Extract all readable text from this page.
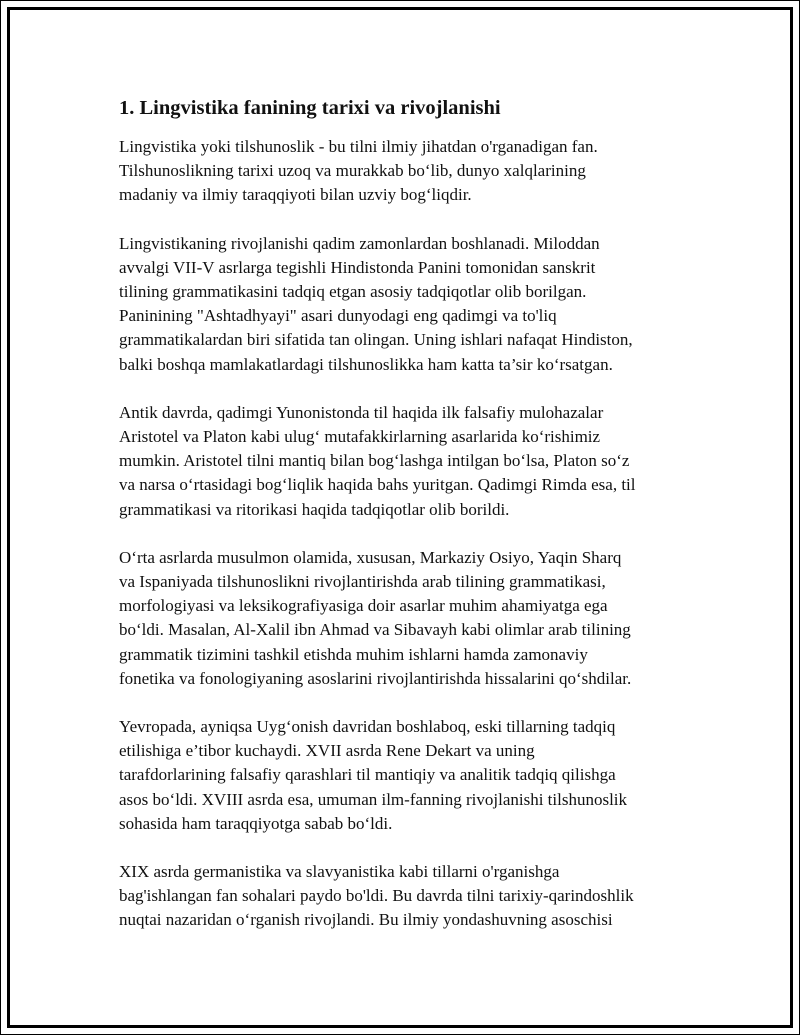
1. Lingvistika fanining tarixi va rivojlanishi

Lingvistika yoki tilshunoslik - bu tilni ilmiy jihatdan o'rganadigan fan.
Tilshunoslikning tarixi uzoq va murakkab bo‘lib, dunyo xalqlarining
madaniy va ilmiy taraqqiyoti bilan uzviy bog‘liqdir.

Lingvistikaning rivojlanishi qadim zamonlardan boshlanadi. Miloddan
avvalgi VII-V asrlarga tegishli Hindistonda Panini tomonidan sanskrit
tilining grammatikasini tadqiq etgan asosiy tadqiqotlar olib borilgan.
Paninining "Ashtadhyayi" asari dunyodagi eng qadimgi va to'liq
grammatikalardan biri sifatida tan olingan. Uning ishlari nafaqat Hindiston,
balki boshqa mamlakatlardagi tilshunoslikka ham katta ta’sir ko‘rsatgan.

Antik davrda, qadimgi Yunonistonda til haqida ilk falsafiy mulohazalar
Aristotel va Platon kabi ulug‘ mutafakkirlarning asarlarida ko‘rishimiz
mumkin. Aristotel tilni mantiq bilan bog‘lashga intilgan bo‘lsa, Platon so‘z
va narsa o‘rtasidagi bog‘liqlik haqida bahs yuritgan. Qadimgi Rimda esa, til
grammatikasi va ritorikasi haqida tadqiqotlar olib borildi.

O‘rta asrlarda musulmon olamida, xususan, Markaziy Osiyo, Yaqin Sharq
va Ispaniyada tilshunoslikni rivojlantirishda arab tilining grammatikasi,
morfologiyasi va leksikografiyasiga doir asarlar muhim ahamiyatga ega
bo‘ldi. Masalan, Al-Xalil ibn Ahmad va Sibavayh kabi olimlar arab tilining
grammatik tizimini tashkil etishda muhim ishlarni hamda zamonaviy
fonetika va fonologiyaning asoslarini rivojlantirishda hissalarini qo‘shdilar.

Yevropada, ayniqsa Uyg‘onish davridan boshlaboq, eski tillarning tadqiq
etilishiga e’tibor kuchaydi. XVII asrda Rene Dekart va uning
tarafdorlarining falsafiy qarashlari til mantiqiy va analitik tadqiq qilishga
asos bo‘ldi. XVIII asrda esa, umuman ilm-fanning rivojlanishi tilshunoslik
sohasida ham taraqqiyotga sabab bo‘ldi.

XIX asrda germanistika va slavyanistika kabi tillarni o'rganishga
bag'ishlangan fan sohalari paydo bo'ldi. Bu davrda tilni tarixiy-qarindoshlik
nuqtai nazaridan o‘rganish rivojlandi. Bu ilmiy yondashuvning asoschisi
